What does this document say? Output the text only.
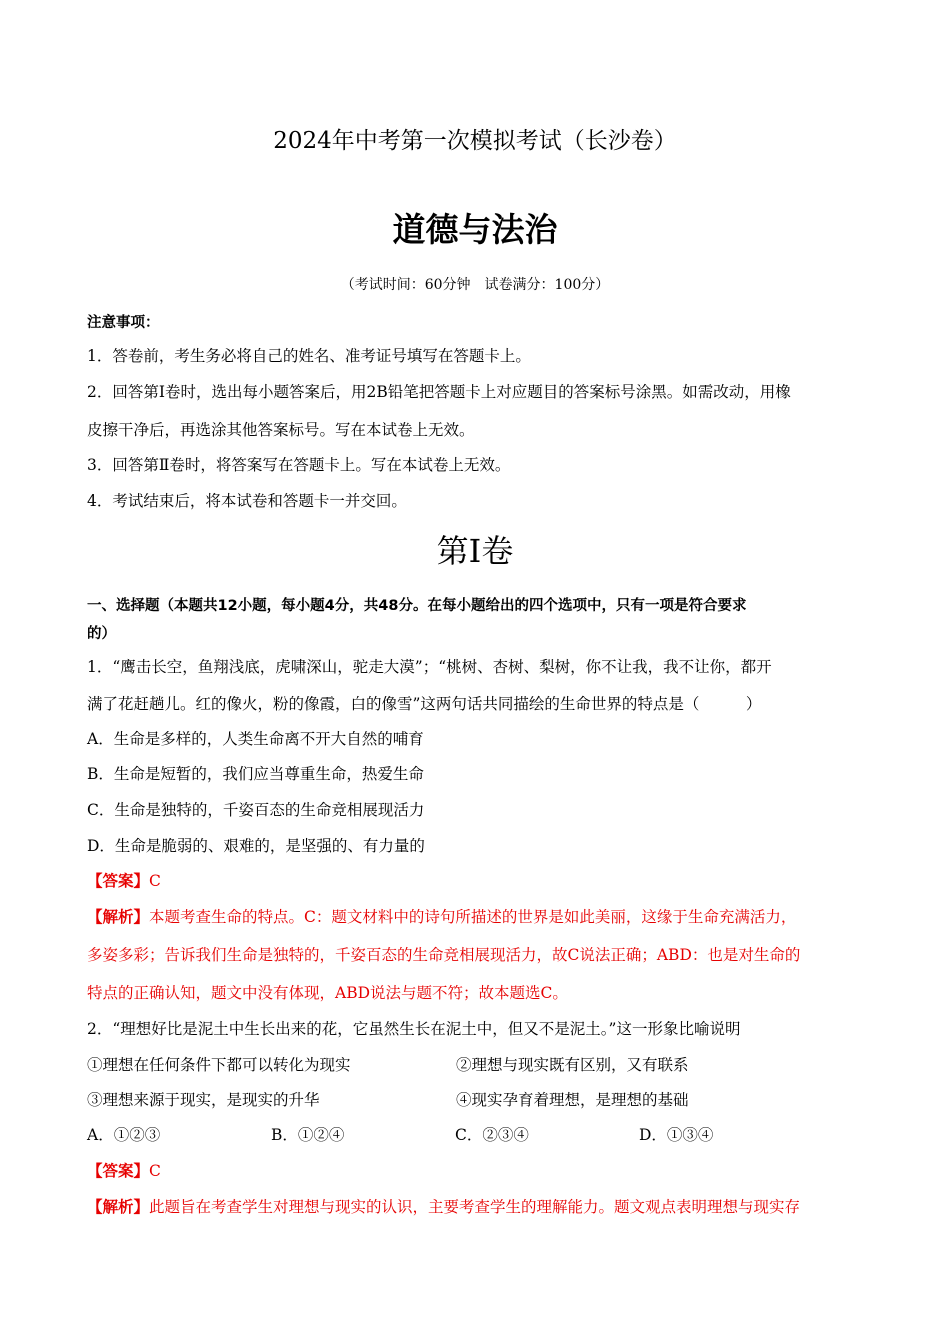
2024年中考第一次模拟考试（长沙卷）
道德与法治
（考试时间：60分钟　试卷满分：100分）
注意事项：
1．答卷前，考生务必将自己的姓名、准考证号填写在答题卡上。
2．回答第Ⅰ卷时，选出每小题答案后，用2B铅笔把答题卡上对应题目的答案标号涂黑。如需改动，用橡
皮擦干净后，再选涂其他答案标号。写在本试卷上无效。
3．回答第Ⅱ卷时，将答案写在答题卡上。写在本试卷上无效。
4．考试结束后，将本试卷和答题卡一并交回。
第Ⅰ卷
一、选择题（本题共12小题，每小题4分，共48分。在每小题给出的四个选项中，只有一项是符合要求
的）
1．“鹰击长空，鱼翔浅底，虎啸深山，驼走大漠”；“桃树、杏树、梨树，你不让我，我不让你，都开
满了花赶趟儿。红的像火，粉的像霞，白的像雪”这两句话共同描绘的生命世界的特点是（　　　）
A．生命是多样的，人类生命离不开大自然的哺育
B．生命是短暂的，我们应当尊重生命，热爱生命
C．生命是独特的，千姿百态的生命竞相展现活力
D．生命是脆弱的、艰难的，是坚强的、有力量的
【答案】C
【解析】本题考查生命的特点。C：题文材料中的诗句所描述的世界是如此美丽，这缘于生命充满活力，
多姿多彩；告诉我们生命是独特的，千姿百态的生命竞相展现活力，故C说法正确；ABD：也是对生命的
特点的正确认知，题文中没有体现，ABD说法与题不符；故本题选C。
2．“理想好比是泥土中生长出来的花，它虽然生长在泥土中，但又不是泥土。”这一形象比喻说明
①理想在任何条件下都可以转化为现实	②理想与现实既有区别，又有联系
③理想来源于现实，是现实的升华	④现实孕育着理想，是理想的基础
A．①②③	B．①②④	C．②③④	D．①③④
【答案】C
【解析】此题旨在考查学生对理想与现实的认识，主要考查学生的理解能力。题文观点表明理想与现实存
